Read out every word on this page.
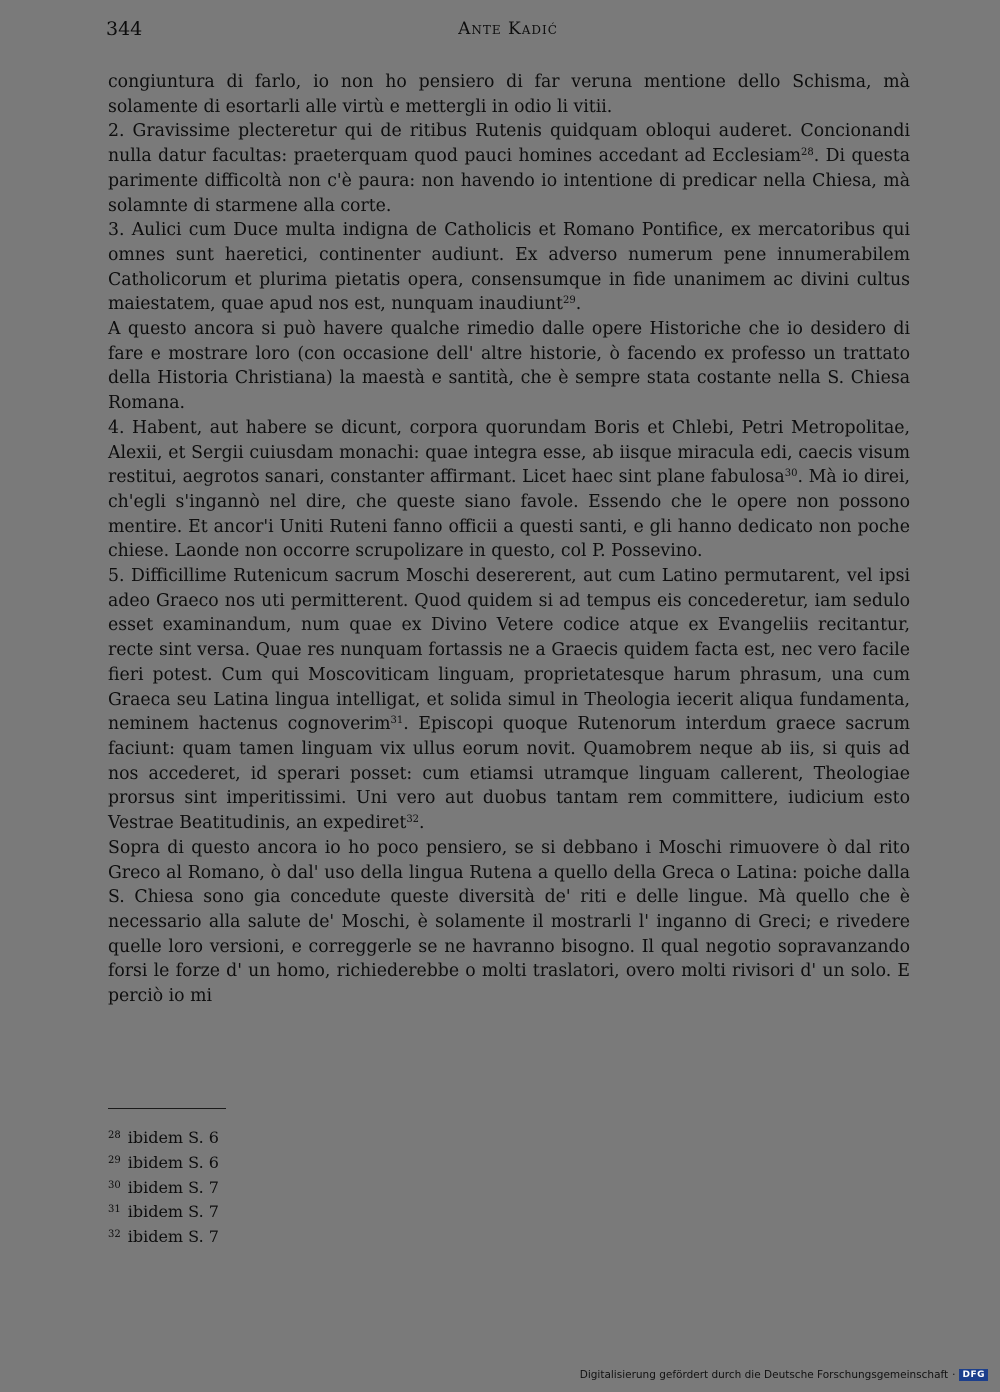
344	Ante Kadić

congiuntura di farlo, io non ho pensiero di far veruna mentione dello Schisma, mà solamente di esortarli alle virtù e mettergli in odio li vitii.

2. Gravissime plecteretur qui de ritibus Rutenis quidquam obloqui auderet. Concionandi nulla datur facultas: praeterquam quod pauci homines accedant ad Ecclesiam$^{28}$. Di questa parimente difficoltà non c'è paura: non havendo io intentione di predicar nella Chiesa, mà solamnte di starmene alla corte.

3. Aulici cum Duce multa indigna de Catholicis et Romano Pontifice, ex mercatoribus qui omnes sunt haeretici, continenter audiunt. Ex adverso numerum pene innumerabilem Catholicorum et plurima pietatis opera, consensumque in fide unanimem ac divini cultus maiestatem, quae apud nos est, nunquam inaudiunt$^{29}$.

A questo ancora si può havere qualche rimedio dalle opere Historiche che io desidero di fare e mostrare loro (con occasione dell' altre historie, ò facendo ex professo un trattato della Historia Christiana) la maestà e santità, che è sempre stata costante nella S. Chiesa Romana.

4. Habent, aut habere se dicunt, corpora quorundam Boris et Chlebi, Petri Metropolitae, Alexii, et Sergii cuiusdam monachi: quae integra esse, ab iisque miracula edi, caecis visum restitui, aegrotos sanari, constanter affirmant. Licet haec sint plane fabulosa$^{30}$. Mà io direi, ch'egli s'ingannò nel dire, che queste siano favole. Essendo che le opere non possono mentire. Et ancor'i Uniti Ruteni fanno officii a questi santi, e gli hanno dedicato non poche chiese. Laonde non occorre scrupolizare in questo, col P. Possevino.

5. Difficillime Rutenicum sacrum Moschi desererent, aut cum Latino permutarent, vel ipsi adeo Graeco nos uti permitterent. Quod quidem si ad tempus eis concederetur, iam sedulo esset examinandum, num quae ex Divino Vetere codice atque ex Evangeliis recitantur, recte sint versa. Quae res nunquam fortassis ne a Graecis quidem facta est, nec vero facile fieri potest. Cum qui Moscoviticam linguam, proprietatesque harum phrasum, una cum Graeca seu Latina lingua intelligat, et solida simul in Theologia iecerit aliqua fundamenta, neminem hactenus cognoverim$^{31}$. Episcopi quoque Rutenorum interdum graece sacrum faciunt: quam tamen linguam vix ullus eorum novit. Quamobrem neque ab iis, si quis ad nos accederet, id sperari posset: cum etiamsi utramque linguam callerent, Theologiae prorsus sint imperitissimi. Uni vero aut duobus tantam rem committere, iudicium esto Vestrae Beatitudinis, an expediret$^{32}$.

Sopra di questo ancora io ho poco pensiero, se si debbano i Moschi rimuovere ò dal rito Greco al Romano, ò dal' uso della lingua Rutena a quello della Greca o Latina: poiche dalla S. Chiesa sono gia concedute queste diversità de' riti e delle lingue. Mà quello che è necessario alla salute de' Moschi, è solamente il mostrarli l' inganno di Greci; e rivedere quelle loro versioni, e correggerle se ne havranno bisogno. Il qual negotio sopravanzando forsi le forze d' un homo, richiederebbe o molti traslatori, overo molti rivisori d' un solo. E perciò io mi

$^{28}$ ibidem S. 6
$^{29}$ ibidem S. 6
$^{30}$ ibidem S. 7
$^{31}$ ibidem S. 7
$^{32}$ ibidem S. 7
Digitalisierung gefördert durch die Deutsche Forschungsgemeinschaft · DFG
